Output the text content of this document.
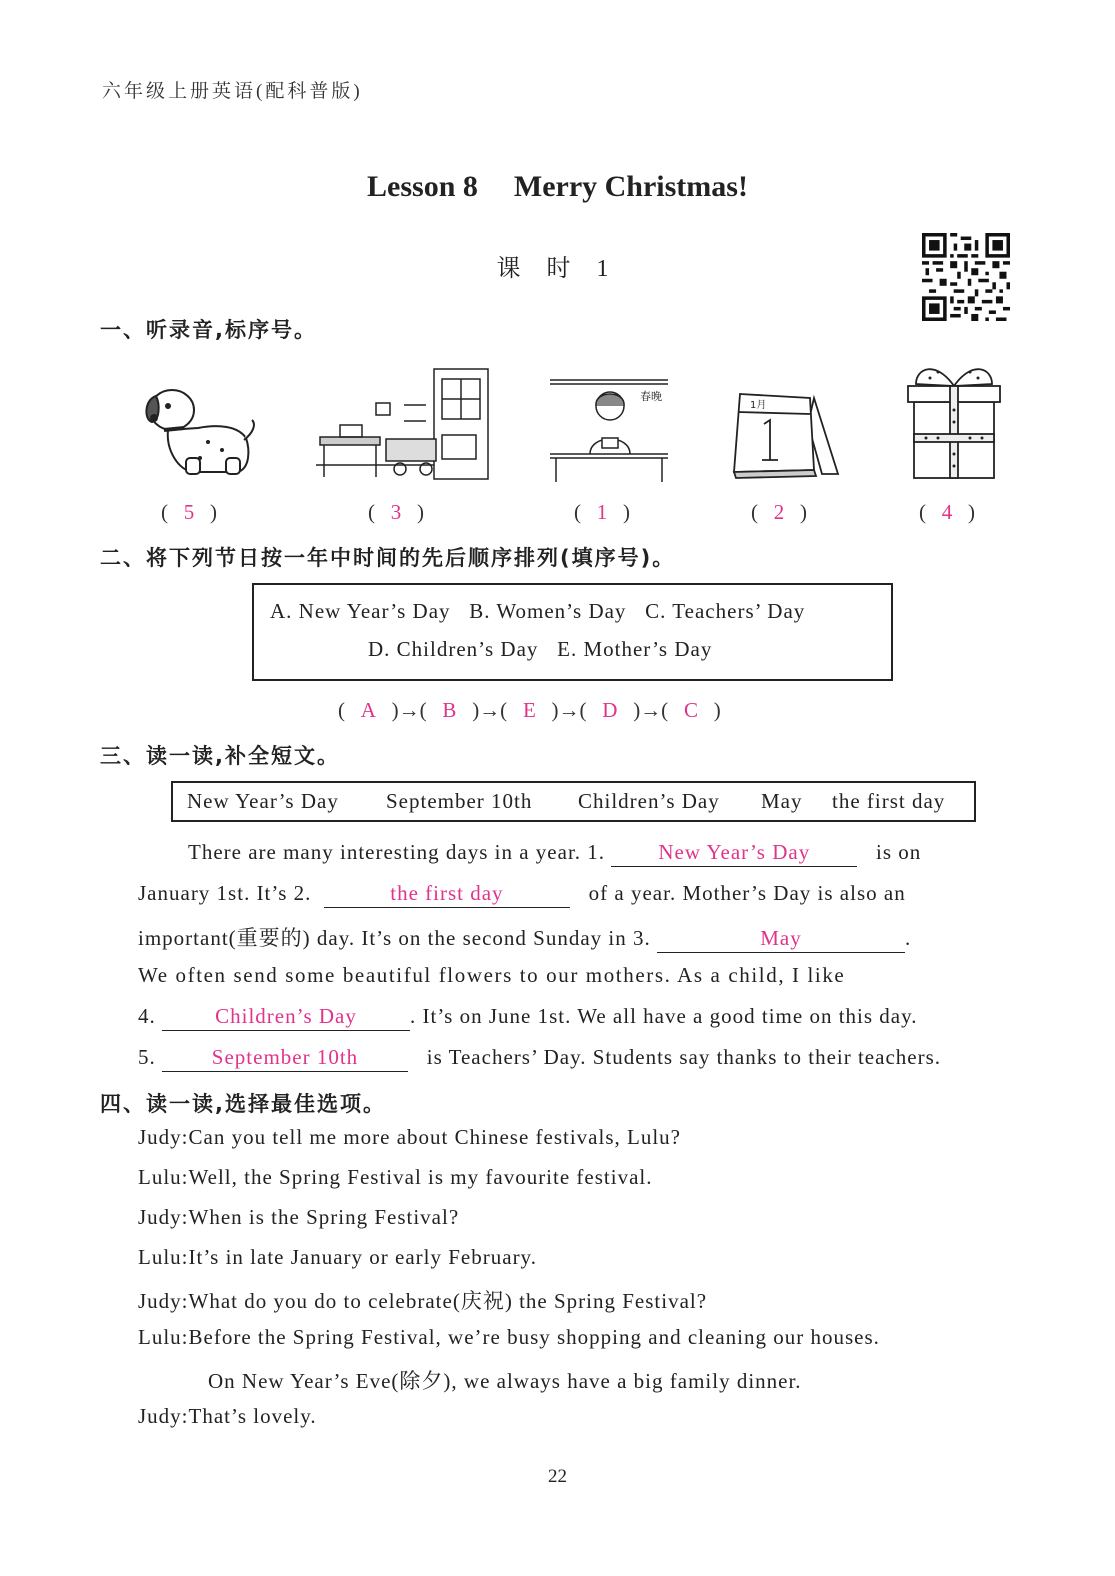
六年级上册英语(配科普版)
Lesson 8 Merry Christmas!
课 时 1
一、听录音,标序号。
春晚
1月
(   5   )	(   3   )	(   1   )	(   2   )	(   4   )
二、将下列节日按一年中时间的先后顺序排列(填序号)。
A. New Year’s Day   B. Women’s Day   C. Teachers’ Day
D. Children’s Day   E. Mother’s Day
(   A   )→(   B   )→(   E   )→(   D   )→(   C   )
三、读一读,补全短文。
New Year’s Day September 10th Children’s Day May the first day
There are many interesting days in a year. 1.	New Year’s Day	is on
January 1st. It’s 2.	the first day	of a year. Mother’s Day is also an
important(重要的) day. It’s on the second Sunday in 3.	May	.
We often send some beautiful flowers to our mothers. As a child, I like
4.	Children’s Day	. It’s on June 1st. We all have a good time on this day.
5.	September 10th	is Teachers’ Day. Students say thanks to their teachers.
四、读一读,选择最佳选项。
Judy:Can you tell me more about Chinese festivals, Lulu?
Lulu:Well, the Spring Festival is my favourite festival.
Judy:When is the Spring Festival?
Lulu:It’s in late January or early February.
Judy:What do you do to celebrate(庆祝) the Spring Festival?
Lulu:Before the Spring Festival, we’re busy shopping and cleaning our houses.
On New Year’s Eve(除夕), we always have a big family dinner.
Judy:That’s lovely.
22
